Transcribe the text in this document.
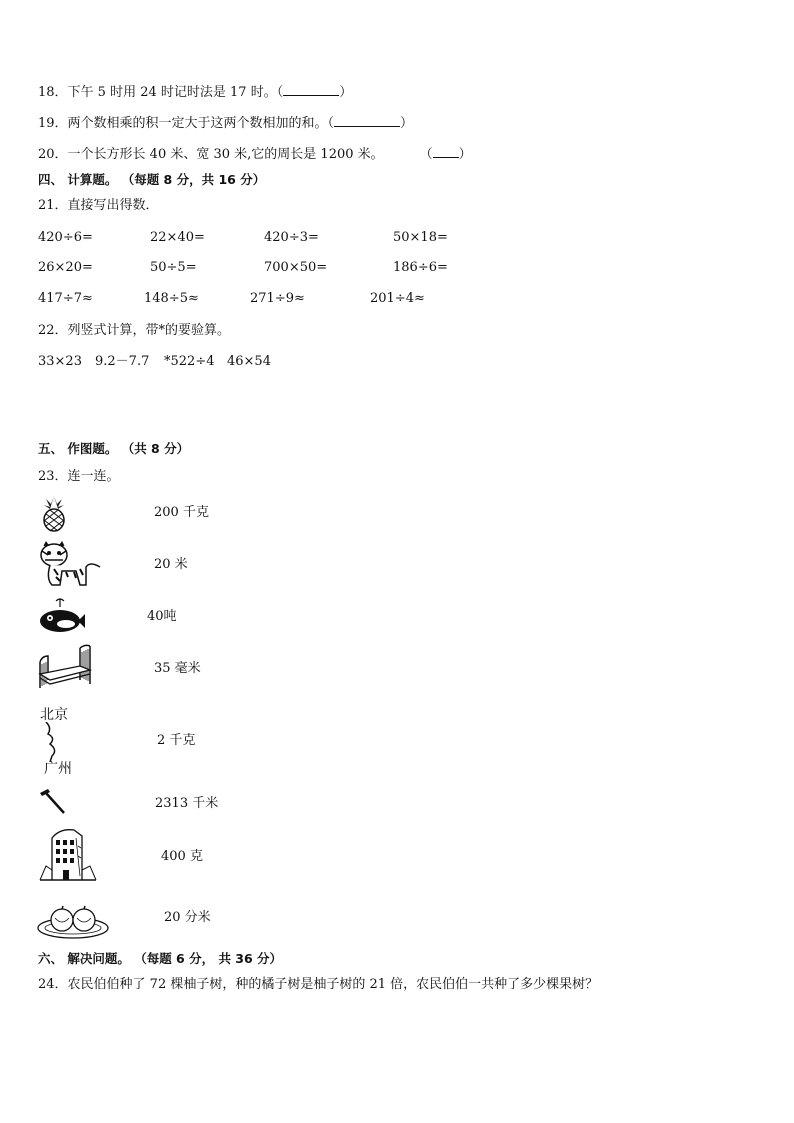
18．下午 5 时用 24 时记时法是 17 时。（	）
19．两个数相乘的积一定大于这两个数相加的和。（	）
20．一个长方形长 40 米、宽 30 米,它的周长是 1200 米。	（ ）
四、 计算题。 （每题 8 分，共 16 分）
21．直接写出得数．
420÷6=	22×40=	420÷3=	50×18=
26×20=	50÷5=	700×50=	186÷6=
417÷7≈	148÷5≈	271÷9≈	201÷4≈
22．列竖式计算，带*的要验算。
33×23 9.2－7.7 *522÷4 46×54
五、 作图题。 （共 8 分）
23．连一连。
200 千克
20 米
40吨
35 毫米
北京
广州
2 千克
2313 千米
400 克
20 分米
六、 解决问题。 （每题 6 分， 共 36 分）
24．农民伯伯种了 72 棵柚子树，种的橘子树是柚子树的 21 倍，农民伯伯一共种了多少棵果树？
